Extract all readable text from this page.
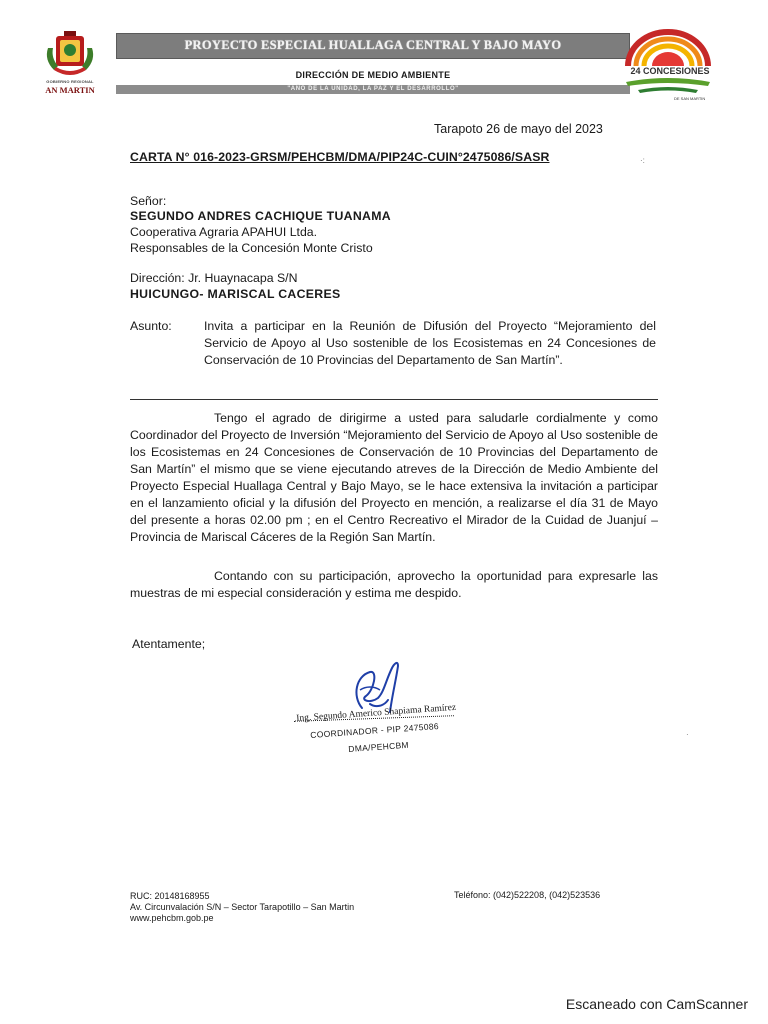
GOBIERNO REGIONAL
AN MARTIN
PROYECTO ESPECIAL HUALLAGA CENTRAL Y BAJO MAYO
DIRECCIÓN DE MEDIO AMBIENTE
"AÑO DE LA UNIDAD, LA PAZ Y EL DESARROLLO"
DE SAN MARTIN
24 CONCESIONES
Tarapoto 26 de mayo del 2023
CARTA N° 016-2023-GRSM/PEHCBM/DMA/PIP24C-CUIN°2475086/SASR	·:
Señor:
SEGUNDO ANDRES CACHIQUE TUANAMA
Cooperativa Agraria APAHUI Ltda.
Responsables de la Concesión Monte Cristo
Dirección: Jr. Huaynacapa S/N
HUICUNGO- MARISCAL CACERES
Asunto:	Invita a participar en la Reunión de Difusión del Proyecto “Mejoramiento del Servicio de Apoyo al Uso sostenible de los Ecosistemas en 24 Concesiones de Conservación de 10 Provincias del Departamento de San Martín”.
Tengo el agrado de dirigirme a usted para saludarle cordialmente y como Coordinador del Proyecto de Inversión “Mejoramiento del Servicio de Apoyo al Uso sostenible de los Ecosistemas en 24 Concesiones de Conservación de 10 Provincias del Departamento de San Martín” el mismo que se viene ejecutando atreves de la Dirección de Medio Ambiente del Proyecto Especial Huallaga Central y Bajo Mayo, se le hace extensiva la invitación a participar en el lanzamiento oficial y la difusión del Proyecto en mención, a realizarse el día 31 de Mayo del presente a horas 02.00 pm ; en el Centro Recreativo el Mirador de la Cuidad de Juanjuí – Provincia de Mariscal Cáceres de la Región San Martín.
Contando con su participación, aprovecho la oportunidad para expresarle las muestras de mi especial consideración y estima me despido.
Atentamente;
Ing. Segundo Americo Shapiama Ramírez
COORDINADOR - PIP 2475086
DMA/PEHCBM
·
RUC: 20148168955
Av. Circunvalación S/N – Sector Tarapotillo – San Martin
www.pehcbm.gob.pe
Teléfono: (042)522208, (042)523536
Escaneado con CamScanner
